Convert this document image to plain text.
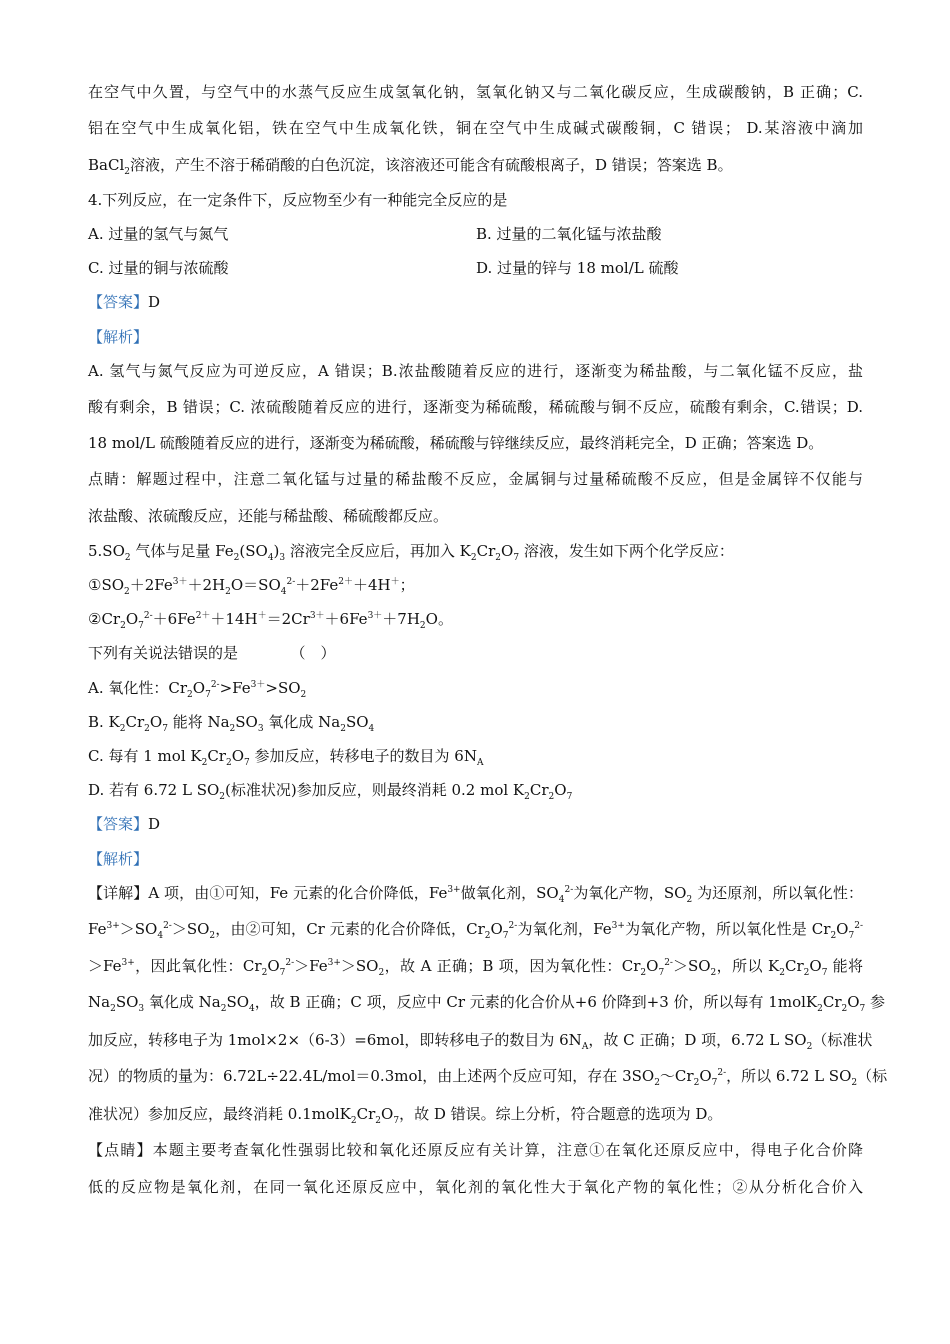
在空气中久置，与空气中的水蒸气反应生成氢氧化钠，氢氧化钠又与二氧化碳反应，生成碳酸钠，B 正确；C.
铝在空气中生成氧化铝，铁在空气中生成氧化铁，铜在空气中生成碱式碳酸铜，C 错误； D.某溶液中滴加
BaCl$_2$溶液，产生不溶于稀硝酸的白色沉淀，该溶液还可能含有硫酸根离子，D 错误；答案选 B。
4.下列反应，在一定条件下，反应物至少有一种能完全反应的是
A. 过量的氢气与氮气	B. 过量的二氧化锰与浓盐酸
C. 过量的铜与浓硫酸	D. 过量的锌与 18 mol/L 硫酸
【答案】D
【解析】
A. 氢气与氮气反应为可逆反应，A 错误；B.浓盐酸随着反应的进行，逐渐变为稀盐酸，与二氧化锰不反应，盐
酸有剩余，B 错误；C. 浓硫酸随着反应的进行，逐渐变为稀硫酸，稀硫酸与铜不反应，硫酸有剩余，C.错误；D.
18 mol/L 硫酸随着反应的进行，逐渐变为稀硫酸，稀硫酸与锌继续反应，最终消耗完全，D 正确；答案选 D。
点睛：解题过程中，注意二氧化锰与过量的稀盐酸不反应，金属铜与过量稀硫酸不反应，但是金属锌不仅能与
浓盐酸、浓硫酸反应，还能与稀盐酸、稀硫酸都反应。
$5.SO_2$ 气体与足量 $Fe_2(SO_4)_3$ 溶液完全反应后，再加入 $K_2Cr_2O_7$ 溶液，发生如下两个化学反应：
$①SO_2+2Fe^{3+}+2H_2O=SO_4^{2-}+2Fe^{2+}+4H^+$；
$②Cr_2O_7^{2-}+6Fe^{2+}+14H^+=2Cr^{3+}+6Fe^{3+}+7H_2O$。
下列有关说法错误的是　　　　（　）
A. 氧化性：$Cr_2O_7^{2-}>Fe^{3+}>SO_2$
B. $K_2Cr_2O_7$ 能将 $Na_2SO_3$ 氧化成 $Na_2SO_4$
C. 每有 1 mol $K_2Cr_2O_7$ 参加反应，转移电子的数目为 $6N_A$
D. 若有 6.72 L $SO_2$(标准状况)参加反应，则最终消耗 0.2 mol $K_2Cr_2O_7$
【答案】D
【解析】
【详解】A 项，由①可知，Fe 元素的化合价降低，$Fe^{3+}$做氧化剂，$SO_4^{2-}$为氧化产物，$SO_2$ 为还原剂，所以氧化性：
$Fe^{3+}>SO_4^{2-}>SO_2$，由②可知，Cr 元素的化合价降低，$Cr_2O_7^{2-}$为氧化剂，$Fe^{3+}$为氧化产物，所以氧化性是 $Cr_2O_7^{2-}$
$>Fe^{3+}$，因此氧化性：$Cr_2O_7^{2-}>Fe^{3+}>SO_2$，故 A 正确；B 项，因为氧化性：$Cr_2O_7^{2-}>SO_2$，所以 $K_2Cr_2O_7$ 能将
$Na_2SO_3$ 氧化成 $Na_2SO_4$，故 B 正确；C 项，反应中 Cr 元素的化合价从+6 价降到+3 价，所以每有 $1molK_2Cr_2O_7$ 参
加反应，转移电子为 1mol×2×（6-3）=6mol，即转移电子的数目为 $6N_A$，故 C 正确；D 项，6.72 L $SO_2$（标准状
况）的物质的量为：6.72L÷22.4L/mol＝0.3mol，由上述两个反应可知，存在 $3SO_2\sim Cr_2O_7^{2-}$，所以 6.72 L $SO_2$（标
准状况）参加反应，最终消耗 $0.1molK_2Cr_2O_7$，故 D 错误。综上分析，符合题意的选项为 D。
【点睛】本题主要考查氧化性强弱比较和氧化还原反应有关计算，注意①在氧化还原反应中，得电子化合价降
低的反应物是氧化剂，在同一氧化还原反应中，氧化剂的氧化性大于氧化产物的氧化性；②从分析化合价入
